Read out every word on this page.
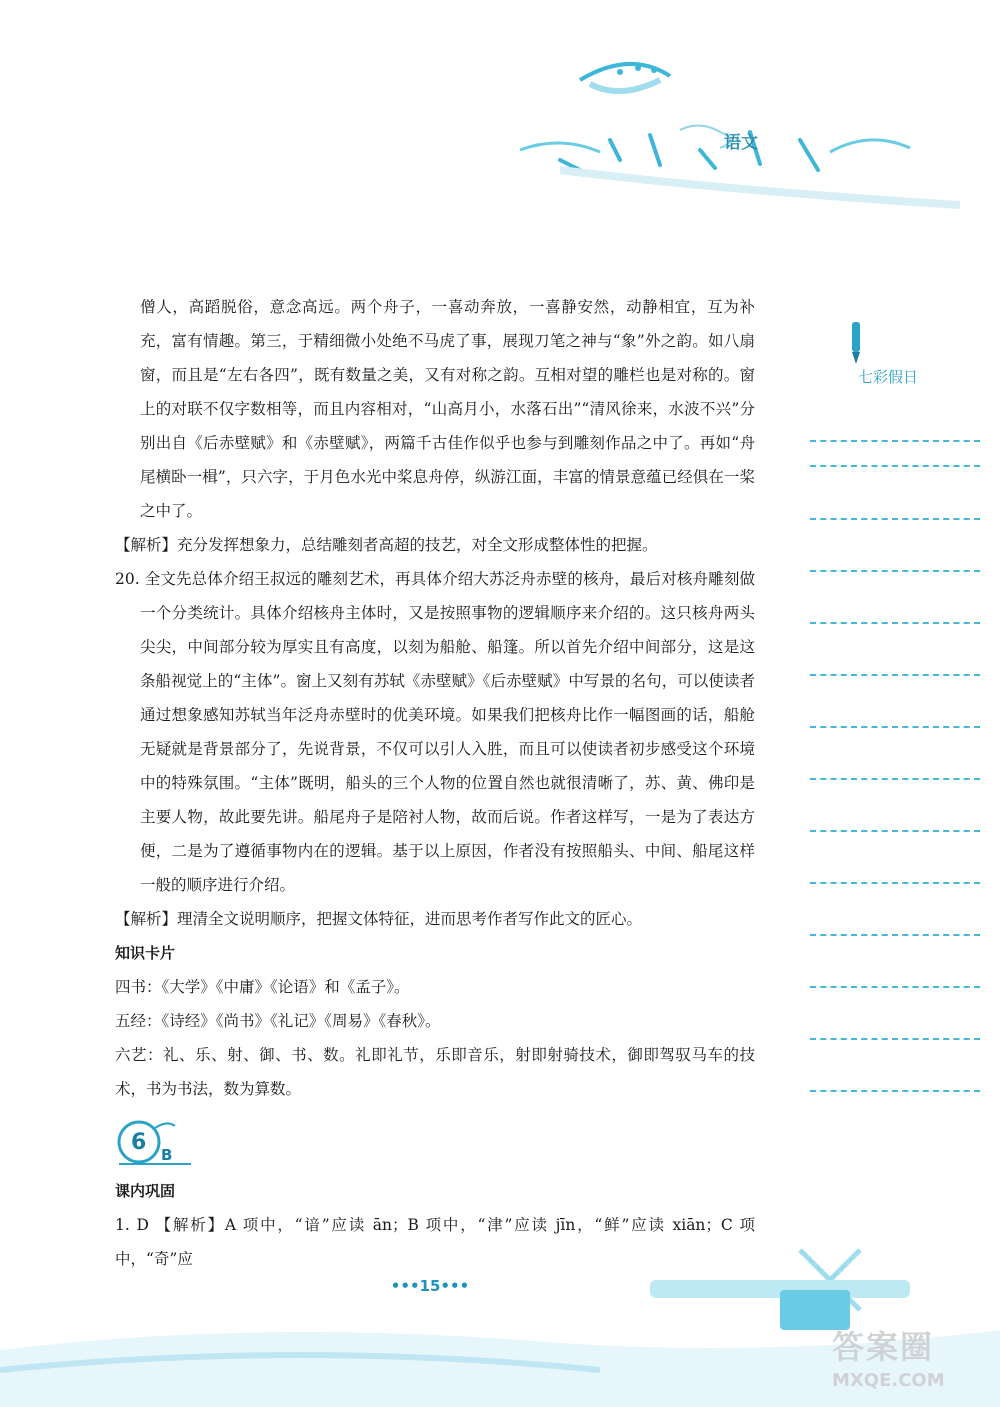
语文
七彩假日

僧人，高蹈脱俗，意念高远。两个舟子，一喜动奔放，一喜静安然，动静相宜，互为补充，富有情趣。第三，于精细微小处绝不马虎了事，展现刀笔之神与“象”外之韵。如八扇窗，而且是“左右各四”，既有数量之美，又有对称之韵。互相对望的雕栏也是对称的。窗上的对联不仅字数相等，而且内容相对，“山高月小，水落石出”“清风徐来，水波不兴”分别出自《后赤壁赋》和《赤壁赋》，两篇千古佳作似乎也参与到雕刻作品之中了。再如“舟尾横卧一楫”，只六字，于月色水光中桨息舟停，纵游江面，丰富的情景意蕴已经俱在一桨之中了。

【解析】充分发挥想象力，总结雕刻者高超的技艺，对全文形成整体性的把握。

20. 全文先总体介绍王叔远的雕刻艺术，再具体介绍大苏泛舟赤壁的核舟，最后对核舟雕刻做一个分类统计。具体介绍核舟主体时，又是按照事物的逻辑顺序来介绍的。这只核舟两头尖尖，中间部分较为厚实且有高度，以刻为船舱、船篷。所以首先介绍中间部分，这是这条船视觉上的“主体”。窗上又刻有苏轼《赤壁赋》《后赤壁赋》中写景的名句，可以使读者通过想象感知苏轼当年泛舟赤壁时的优美环境。如果我们把核舟比作一幅图画的话，船舱无疑就是背景部分了，先说背景，不仅可以引人入胜，而且可以使读者初步感受这个环境中的特殊氛围。“主体”既明，船头的三个人物的位置自然也就很清晰了，苏、黄、佛印是主要人物，故此要先讲。船尾舟子是陪衬人物，故而后说。作者这样写，一是为了表达方便，二是为了遵循事物内在的逻辑。基于以上原因，作者没有按照船头、中间、船尾这样一般的顺序进行介绍。

【解析】理清全文说明顺序，把握文体特征，进而思考作者写作此文的匠心。

知识卡片

四书：《大学》《中庸》《论语》和《孟子》。

五经：《诗经》《尚书》《礼记》《周易》《春秋》。

六艺：礼、乐、射、御、书、数。礼即礼节，乐即音乐，射即射骑技术，御即驾驭马车的技术，书为书法，数为算数。

6 B

课内巩固

1. D 【解析】A 项中，“谙”应读 ān；B 项中，“津”应读 jīn，“鲜”应读 xiān；C 项中，“奇”应

•••15•••
答案圈
MXQE.COM
